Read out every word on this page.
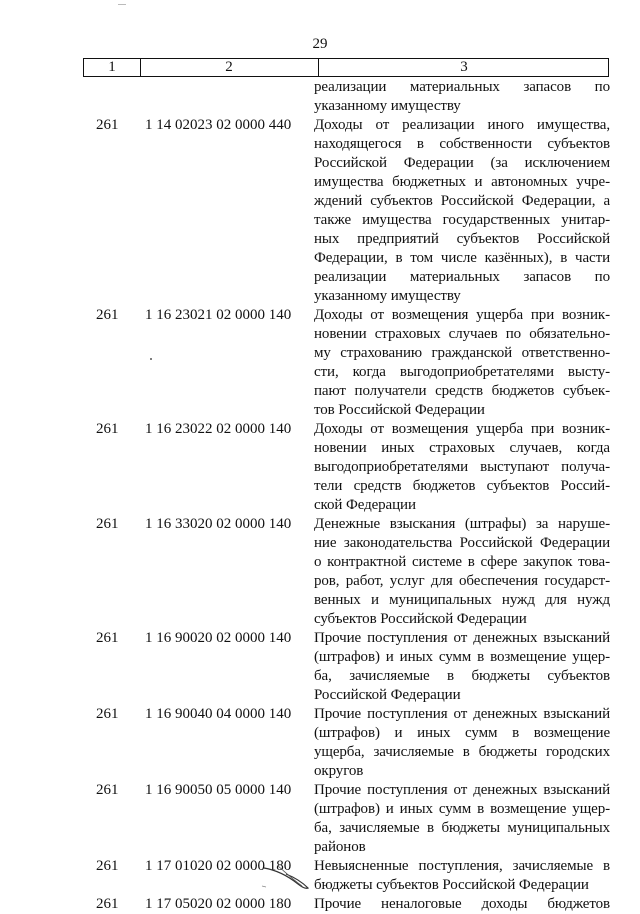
29
1	2	3
реализации материальных запасов по
указанному имуществу
261	1 14 02023 02 0000 440	Доходы от реализации иного имущества,
находящегося в собственности субъектов
Российской Федерации (за исключением
имущества бюджетных и автономных учре-
ждений субъектов Российской Федерации, а
также имущества государственных унитар-
ных предприятий субъектов Российской
Федерации, в том числе казённых), в части
реализации материальных запасов по
указанному имуществу
261	1 16 23021 02 0000 140	Доходы от возмещения ущерба при возник-
новении страховых случаев по обязательно-
му страхованию гражданской ответственно-
сти, когда выгодоприобретателями высту-
пают получатели средств бюджетов субъек-
тов Российской Федерации
261	1 16 23022 02 0000 140	Доходы от возмещения ущерба при возник-
новении иных страховых случаев, когда
выгодоприобретателями выступают получа-
тели средств бюджетов субъектов Россий-
ской Федерации
261	1 16 33020 02 0000 140	Денежные взыскания (штрафы) за наруше-
ние законодательства Российской Федерации
о контрактной системе в сфере закупок това-
ров, работ, услуг для обеспечения государст-
венных и муниципальных нужд для нужд
субъектов Российской Федерации
261	1 16 90020 02 0000 140	Прочие поступления от денежных взысканий
(штрафов) и иных сумм в возмещение ущер-
ба, зачисляемые в бюджеты субъектов
Российской Федерации
261	1 16 90040 04 0000 140	Прочие поступления от денежных взысканий
(штрафов) и иных сумм в возмещение
ущерба, зачисляемые в бюджеты городских
округов
261	1 16 90050 05 0000 140	Прочие поступления от денежных взысканий
(штрафов) и иных сумм в возмещение ущер-
ба, зачисляемые в бюджеты муниципальных
районов
261	1 17 01020 02 0000 180	Невыясненные поступления, зачисляемые в
бюджеты субъектов Российской Федерации
261	1 17 05020 02 0000 180	Прочие неналоговые доходы бюджетов
